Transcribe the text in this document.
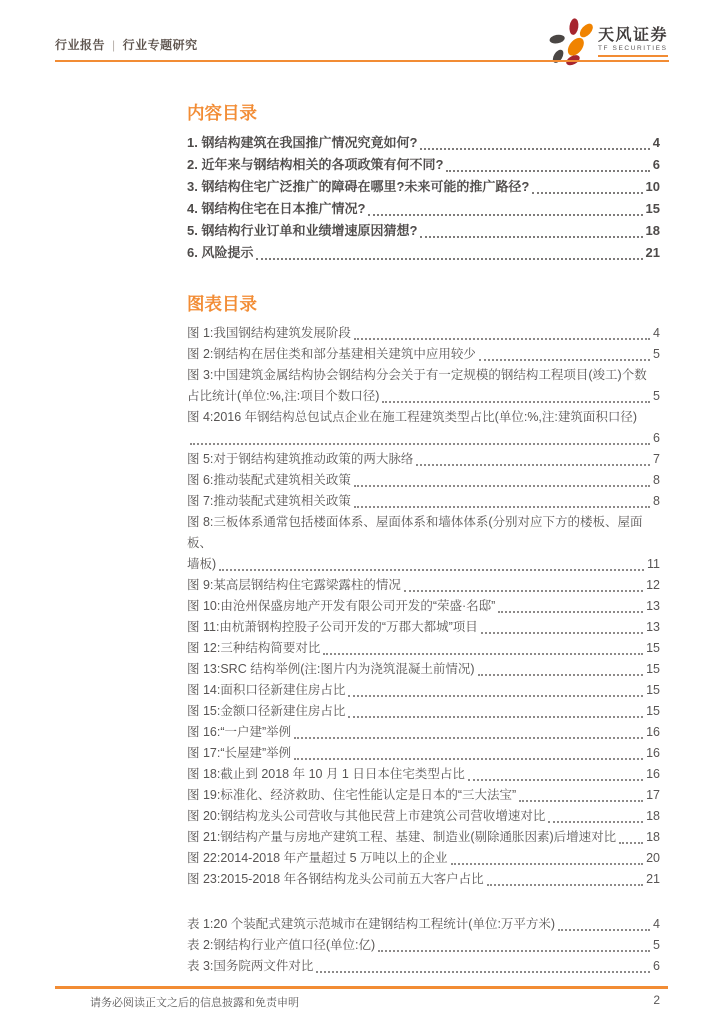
行业报告 | 行业专题研究
天风证券
TF SECURITIES
内容目录
1. 钢结构建筑在我国推广情况究竟如何?	4
2. 近年来与钢结构相关的各项政策有何不同?	6
3. 钢结构住宅广泛推广的障碍在哪里?未来可能的推广路径?	10
4. 钢结构住宅在日本推广情况?	15
5. 钢结构行业订单和业绩增速原因猜想?	18
6. 风险提示	21
图表目录
图 1:我国钢结构建筑发展阶段	4
图 2:钢结构在居住类和部分基建相关建筑中应用较少	5
图 3:中国建筑金属结构协会钢结构分会关于有一定规模的钢结构工程项目(竣工)个数
占比统计(单位:%,注:项目个数口径)	5
图 4:2016 年钢结构总包试点企业在施工程建筑类型占比(单位:%,注:建筑面积口径)
6
图 5:对于钢结构建筑推动政策的两大脉络	7
图 6:推动装配式建筑相关政策	8
图 7:推动装配式建筑相关政策	8
图 8:三板体系通常包括楼面体系、屋面体系和墙体体系(分别对应下方的楼板、屋面板、
墙板)	11
图 9:某高层钢结构住宅露梁露柱的情况	12
图 10:由沧州保盛房地产开发有限公司开发的“荣盛·名邸”	13
图 11:由杭萧钢构控股子公司开发的“万郡大都城”项目	13
图 12:三种结构简要对比	15
图 13:SRC 结构举例(注:图片内为浇筑混凝土前情况)	15
图 14:面积口径新建住房占比	15
图 15:金额口径新建住房占比	15
图 16:“一户建”举例	16
图 17:“长屋建”举例	16
图 18:截止到 2018 年 10 月 1 日日本住宅类型占比	16
图 19:标准化、经济救助、住宅性能认定是日本的“三大法宝”	17
图 20:钢结构龙头公司营收与其他民营上市建筑公司营收增速对比	18
图 21:钢结构产量与房地产建筑工程、基建、制造业(剔除通胀因素)后增速对比 18
图 22:2014-2018 年产量超过 5 万吨以上的企业	20
图 23:2015-2018 年各钢结构龙头公司前五大客户占比	21
表 1:20 个装配式建筑示范城市在建钢结构工程统计(单位:万平方米)	4
表 2:钢结构行业产值口径(单位:亿)	5
表 3:国务院两文件对比	6
请务必阅读正文之后的信息披露和免责申明	2
